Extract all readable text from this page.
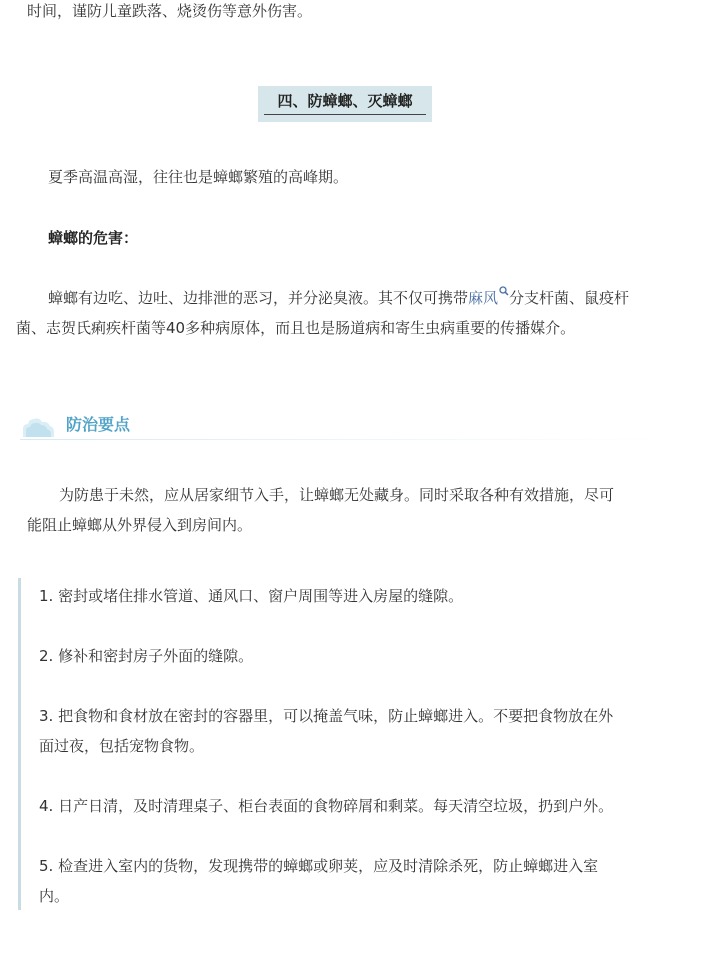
时间，谨防儿童跌落、烧烫伤等意外伤害。

四、防蟑螂、灭蟑螂

夏季高温高湿，往往也是蟑螂繁殖的高峰期。

蟑螂的危害：

蟑螂有边吃、边吐、边排泄的恶习，并分泌臭液。其不仅可携带麻风 分支杆菌、鼠疫杆

菌、志贺氏痢疾杆菌等40多种病原体，而且也是肠道病和寄生虫病重要的传播媒介。

防治要点

为防患于未然，应从居家细节入手，让蟑螂无处藏身。同时采取各种有效措施，尽可

能阻止蟑螂从外界侵入到房间内。

1. 密封或堵住排水管道、通风口、窗户周围等进入房屋的缝隙。
2. 修补和密封房子外面的缝隙。
3. 把食物和食材放在密封的容器里，可以掩盖气味，防止蟑螂进入。不要把食物放在外
面过夜，包括宠物食物。
4. 日产日清，及时清理桌子、柜台表面的食物碎屑和剩菜。每天清空垃圾，扔到户外。
5. 检查进入室内的货物，发现携带的蟑螂或卵荚，应及时清除杀死，防止蟑螂进入室
内。
